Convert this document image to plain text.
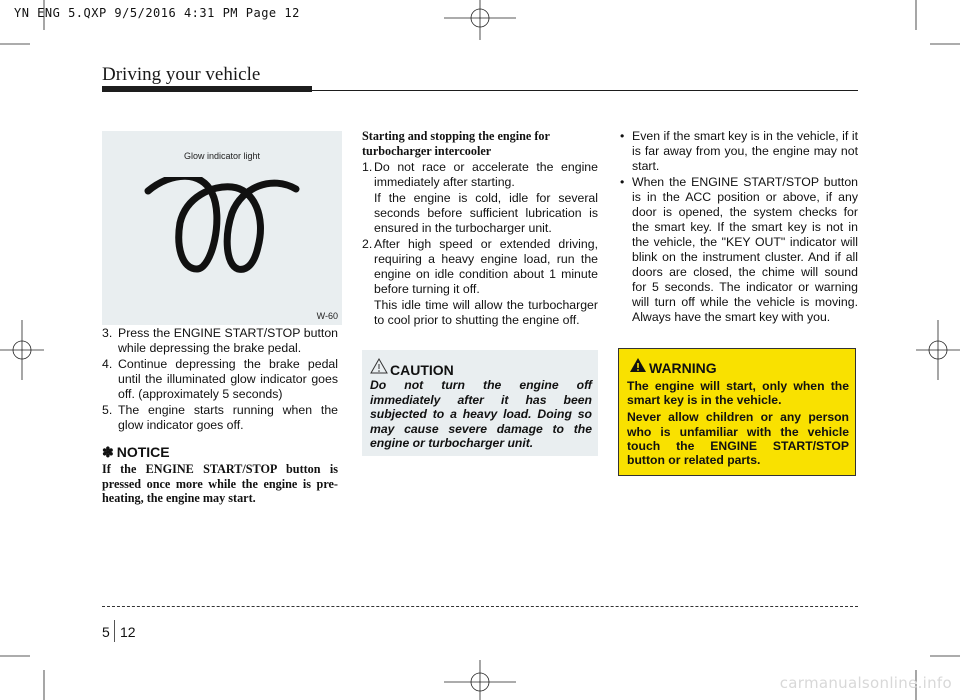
YN ENG 5.QXP 9/5/2016 4:31 PM Page 12
Driving your vehicle
Glow indicator light
W-60
3. Press the ENGINE START/STOP button while depressing the brake pedal.
4. Continue depressing the brake pedal until the illuminated glow indicator goes off. (approximately 5 seconds)
5. The engine starts running when the glow indicator goes off.
✽ NOTICE
If the ENGINE START/STOP button is pressed once more while the engine is pre-heating, the engine may start.
Starting and stopping the engine for turbocharger intercooler
1. Do not race or accelerate the engine immediately after starting.
If the engine is cold, idle for several seconds before sufficient lubrication is ensured in the turbocharger unit.
2. After high speed or extended driving, requiring a heavy engine load, run the engine on idle condition about 1 minute before turning it off.
This idle time will allow the turbocharger to cool prior to shutting the engine off.
CAUTION
Do not turn the engine off immediately after it has been subjected to a heavy load. Doing so may cause severe damage to the engine or turbocharger unit.
• Even if the smart key is in the vehicle, if it is far away from you, the engine may not start.
• When the ENGINE START/STOP button is in the ACC position or above, if any door is opened, the system checks for the smart key. If the smart key is not in the vehicle, the "KEY OUT" indicator will blink on the instrument cluster. And if all doors are closed, the chime will sound for 5 seconds. The indicator or warning will turn off while the vehicle is moving. Always have the smart key with you.
WARNING

The engine will start, only when the smart key is in the vehicle.

Never allow children or any person who is unfamiliar with the vehicle touch the ENGINE START/STOP button or related parts.

5 12
carmanualsonline.info
